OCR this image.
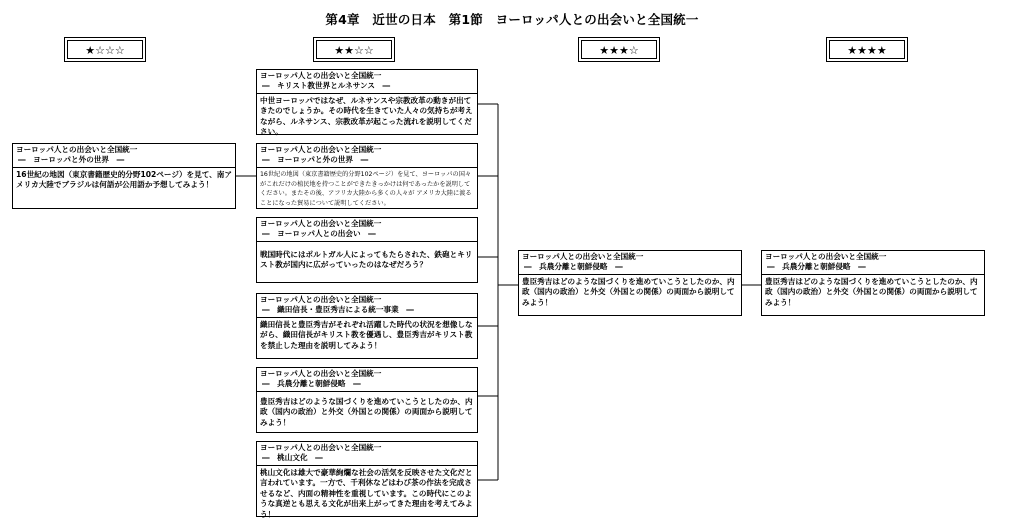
第4章　近世の日本　第1節　ヨーロッパ人との出会いと全国統一
★☆☆☆	★★☆☆	★★★☆	★★★★
ヨーロッパ人との出会いと全国統一
―　ヨーロッパと外の世界　―
16世紀の地図（東京書籍歴史的分野102ページ）を見て、南アメリカ大陸でブラジルは何語が公用語か予想してみよう！
ヨーロッパ人との出会いと全国統一
―　キリスト教世界とルネサンス　―
中世ヨーロッパではなぜ、ルネサンスや宗教改革の動きが出てきたのでしょうか。その時代を生きていた人々の気持ちが考えながら、ルネサンス、宗教改革が起こった流れを説明してください。
ヨーロッパ人との出会いと全国統一
―　ヨーロッパと外の世界　―
16世紀の地図（東京書籍歴史的分野102ページ）を見て、ヨーロッパの国々がこれだけの植民地を持つことができたきっかけは何であったかを説明してください。またその後、アフリカ大陸から多くの人々が アメリカ大陸に渡ることになった貿易について説明してください。
ヨーロッパ人との出会いと全国統一
―　ヨーロッパ人との出会い　―
戦国時代にはポルトガル人によってもたらされた、鉄砲とキリスト教が国内に広がっていったのはなぜだろう？
ヨーロッパ人との出会いと全国統一
―　織田信長・豊臣秀吉による統一事業　―
織田信長と豊臣秀吉がそれぞれ活躍した時代の状況を想像しながら、織田信長がキリスト教を優遇し、豊臣秀吉がキリスト教を禁止した理由を説明してみよう！
ヨーロッパ人との出会いと全国統一
―　兵農分離と朝鮮侵略　―
豊臣秀吉はどのような国づくりを進めていこうとしたのか、内政（国内の政治）と外交（外国との関係）の両面から説明してみよう！
ヨーロッパ人との出会いと全国統一
―　桃山文化　―
桃山文化は雄大で豪華絢爛な社会の活気を反映させた文化だと言われています。一方で、千利休などはわび茶の作法を完成させるなど、内面の精神性を重視しています。この時代にこのような真逆とも思える文化が出来上がってきた理由を考えてみよう！
ヨーロッパ人との出会いと全国統一
―　兵農分離と朝鮮侵略　―
豊臣秀吉はどのような国づくりを進めていこうとしたのか、内政（国内の政治）と外交（外国との関係）の両面から説明してみよう！
ヨーロッパ人との出会いと全国統一
―　兵農分離と朝鮮侵略　―
豊臣秀吉はどのような国づくりを進めていこうとしたのか、内政（国内の政治）と外交（外国との関係）の両面から説明してみよう！
